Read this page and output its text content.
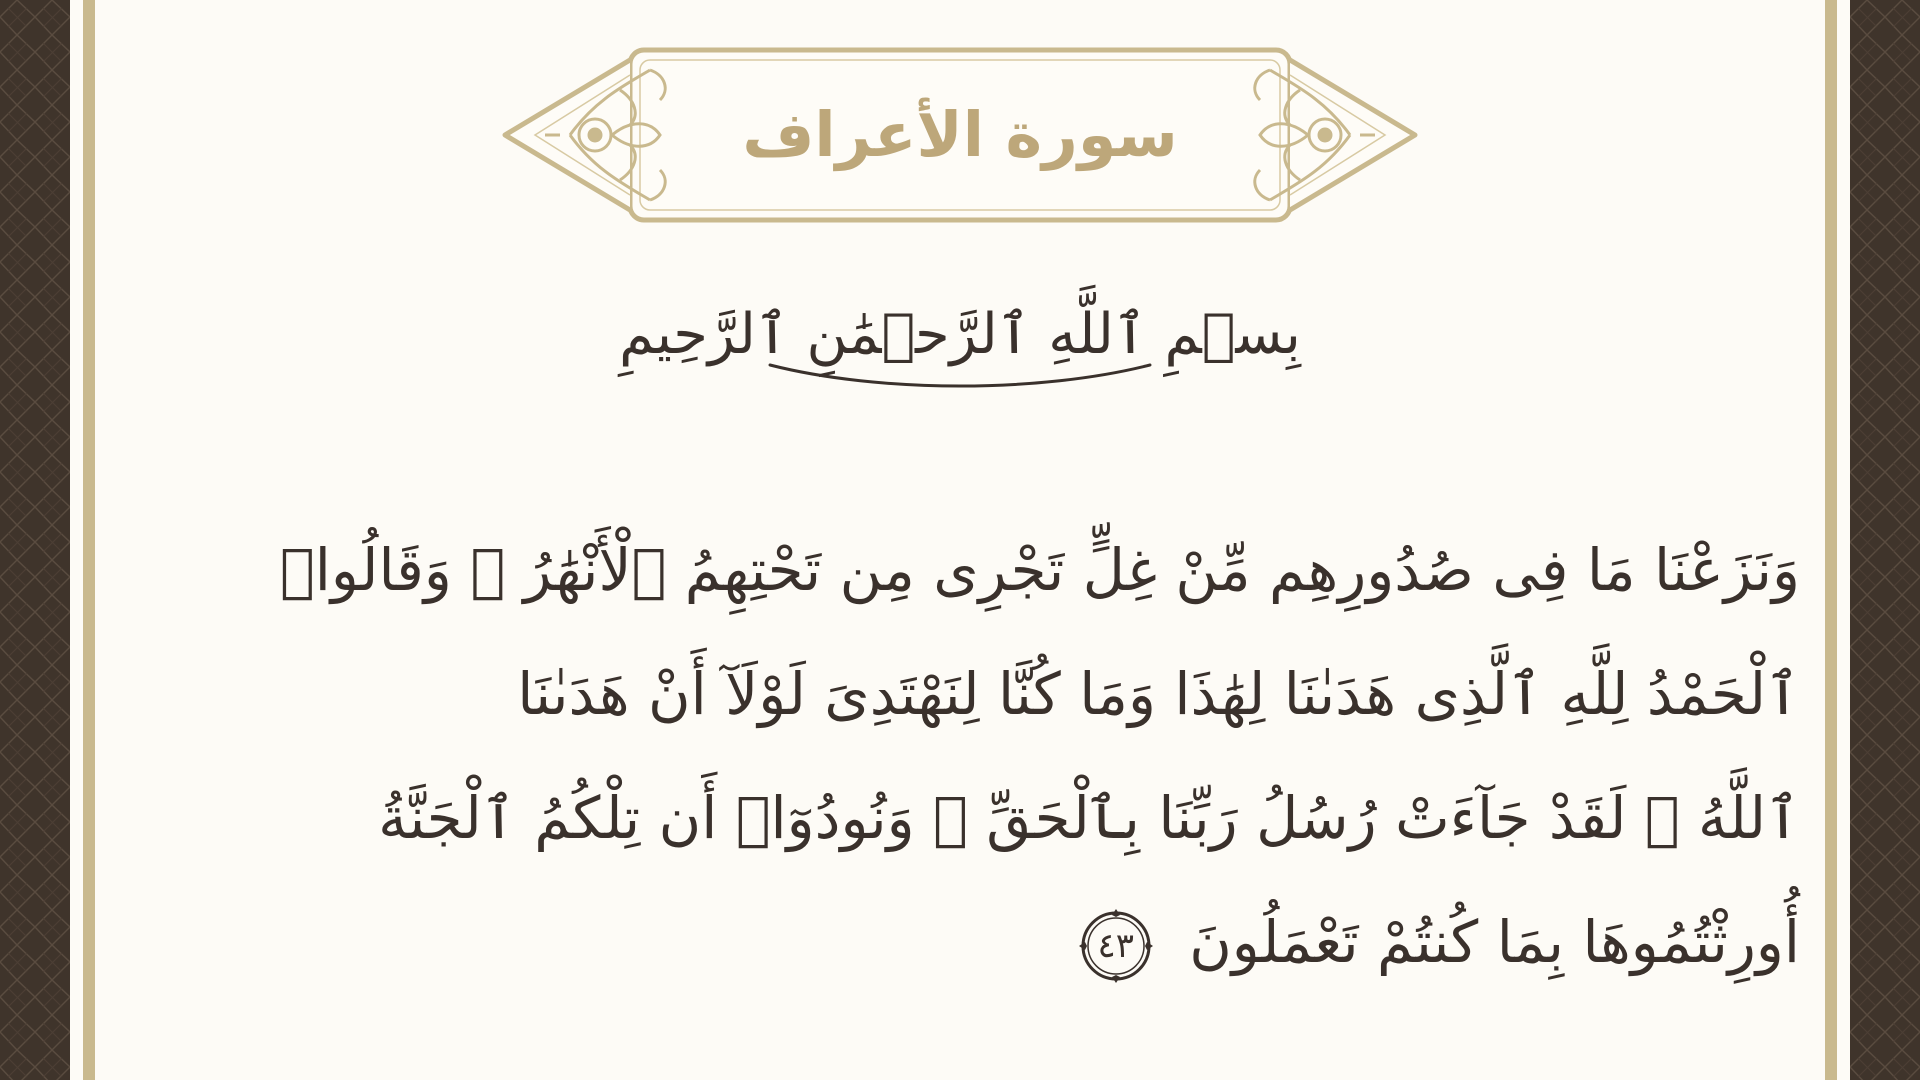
سورة الأعراف
بِسۡمِ ٱللَّهِ ٱلرَّحۡمَٰنِ ٱلرَّحِيمِ
وَنَزَعْنَا مَا فِى صُدُورِهِم مِّنْ غِلٍّ تَجْرِى مِن تَحْتِهِمُ ٱلْأَنْهَٰرُ ۖ وَقَالُوا۟
ٱلْحَمْدُ لِلَّهِ ٱلَّذِى هَدَىٰنَا لِهَٰذَا وَمَا كُنَّا لِنَهْتَدِىَ لَوْلَآ أَنْ هَدَىٰنَا
ٱللَّهُ ۖ لَقَدْ جَآءَتْ رُسُلُ رَبِّنَا بِٱلْحَقِّ ۖ وَنُودُوٓا۟ أَن تِلْكُمُ ٱلْجَنَّةُ
أُورِثْتُمُوهَا بِمَا كُنتُمْ تَعْمَلُونَ
٤٣
